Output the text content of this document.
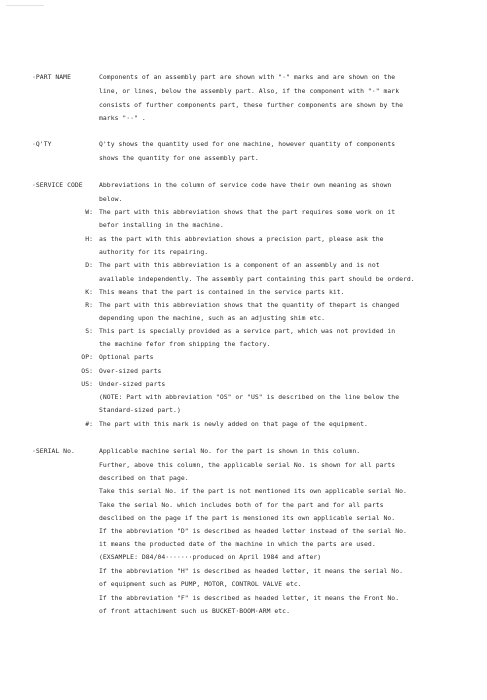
·PART NAME	Components of an assembly part are shown with "·" marks and are shown on the
line, or lines, below the assembly part. Also, if the component with "·" mark
consists of further components part, these further components are shown by the
marks "··" .
·Q'TY	Q'ty shows the quantity used for one machine, however quantity of components
shows the quantity for one assembly part.
·SERVICE CODE	Abbreviations in the column of service code have their own meaning as shown
below.
W: The part with this abbreviation shows that the part requires some work on it
befor installing in the machine.
H: as the part with this abbreviation shows a precision part, please ask the
authority for its repairing.
D: The part with this abbreviation is a component of an assembly and is not
available independently. The assembly part containing this part should be orderd.
K: This means that the part is contained in the service parts kit.
R: The part with this abbreviation shows that the quantity of thepart is changed
depending upon the machine, such as an adjusting shim etc.
S: This part is specially provided as a service part, which was not provided in
the machine fefor from shipping the factory.
OP: Optional parts
OS: Over-sized parts
US: Under-sized parts
(NOTE: Part with abbreviation "OS" or "US" is described on the line below the
Standard-sized part.)
#: The part with this mark is newly added on that page of the equipment.
·SERIAL No.	Applicable machine serial No. for the part is shown in this column.
Further, above this column, the applicable serial No. is shown for all parts
described on that page.
Take this serial No. if the part is not mentioned its own applicable serial No.
Take the serial No. which includes both of for the part and for all parts
desclibed on the page if the part is mensioned its own applicable serial No.
If the abbreviation "D" is described as headed letter instead of the serial No.
it means the producted date of the machine in which the parts are used.
(EXSAMPLE: D84/04·······produced on April 1984 and after)
If the abbreviation "H" is described as headed letter, it means the serial No.
of equipment such as PUMP, MOTOR, CONTROL VALVE etc.
If the abbreviation "F" is described as headed letter, it means the Front No.
of front attachiment such us BUCKET·BOOM·ARM etc.
